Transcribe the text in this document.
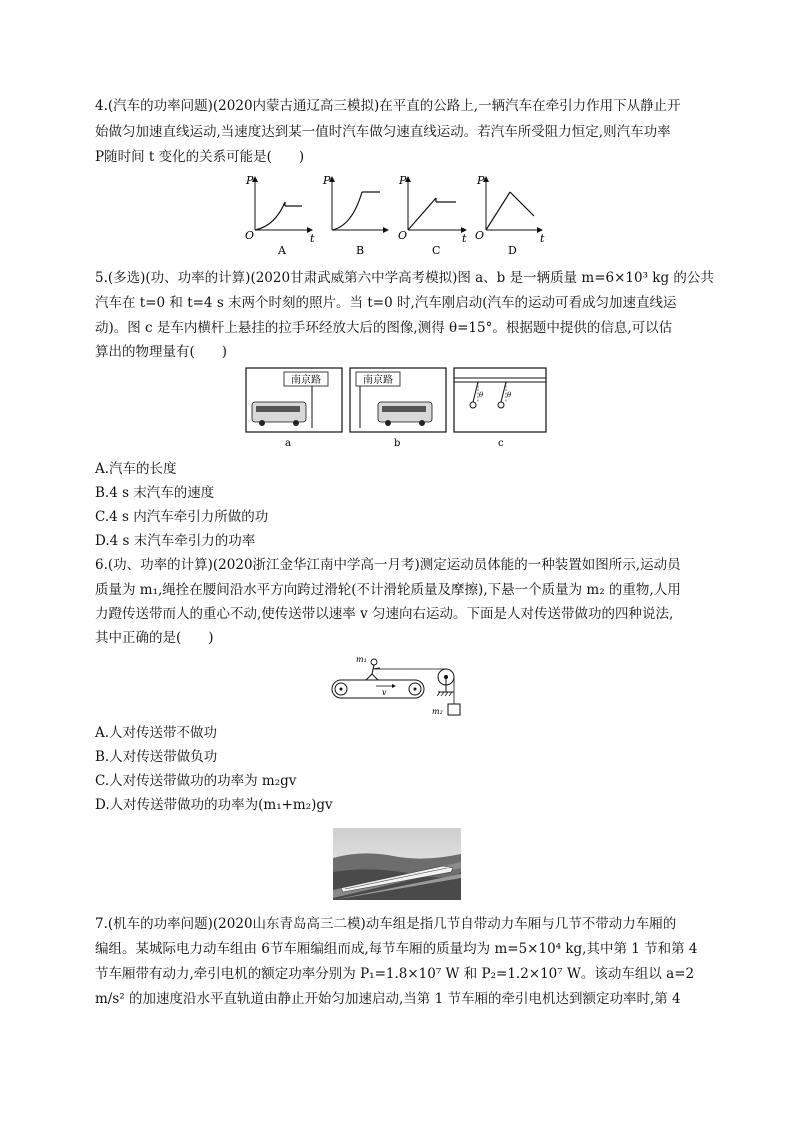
4.(汽车的功率问题)(2020内蒙古通辽高三模拟)在平直的公路上,一辆汽车在牵引力作用下从静止开
始做匀加速直线运动,当速度达到某一值时汽车做匀速直线运动。若汽车所受阻力恒定,则汽车功率
P随时间 t 变化的关系可能是(　　)
P
t
O
A
P
B
P
t
O
C
P
t
O
D
5.(多选)(功、功率的计算)(2020甘肃武威第六中学高考模拟)图 a、b 是一辆质量 m=6×10³ kg 的公共
汽车在 t=0 和 t=4 s 末两个时刻的照片。当 t=0 时,汽车刚启动(汽车的运动可看成匀加速直线运
动)。图 c 是车内横杆上悬挂的拉手环经放大后的图像,测得 θ=15°。根据题中提供的信息,可以估
算出的物理量有(　　)
南京路
a
南京路
b
θ	θ
c
A.汽车的长度
B.4 s 末汽车的速度
C.4 s 内汽车牵引力所做的功
D.4 s 末汽车牵引力的功率
6.(功、功率的计算)(2020浙江金华江南中学高一月考)测定运动员体能的一种装置如图所示,运动员
质量为 m₁,绳拴在腰间沿水平方向跨过滑轮(不计滑轮质量及摩擦),下悬一个质量为 m₂ 的重物,人用
力蹬传送带而人的重心不动,使传送带以速率 v 匀速向右运动。下面是人对传送带做功的四种说法,
其中正确的是(　　)
v
m₁
m₂
A.人对传送带不做功
B.人对传送带做负功
C.人对传送带做功的功率为 m₂gv
D.人对传送带做功的功率为(m₁+m₂)gv
7.(机车的功率问题)(2020山东青岛高三二模)动车组是指几节自带动力车厢与几节不带动力车厢的
编组。某城际电力动车组由 6节车厢编组而成,每节车厢的质量均为 m=5×10⁴ kg,其中第 1 节和第 4
节车厢带有动力,牵引电机的额定功率分别为 P₁=1.8×10⁷ W 和 P₂=1.2×10⁷ W。该动车组以 a=2
m/s² 的加速度沿水平直轨道由静止开始匀加速启动,当第 1 节车厢的牵引电机达到额定功率时,第 4
